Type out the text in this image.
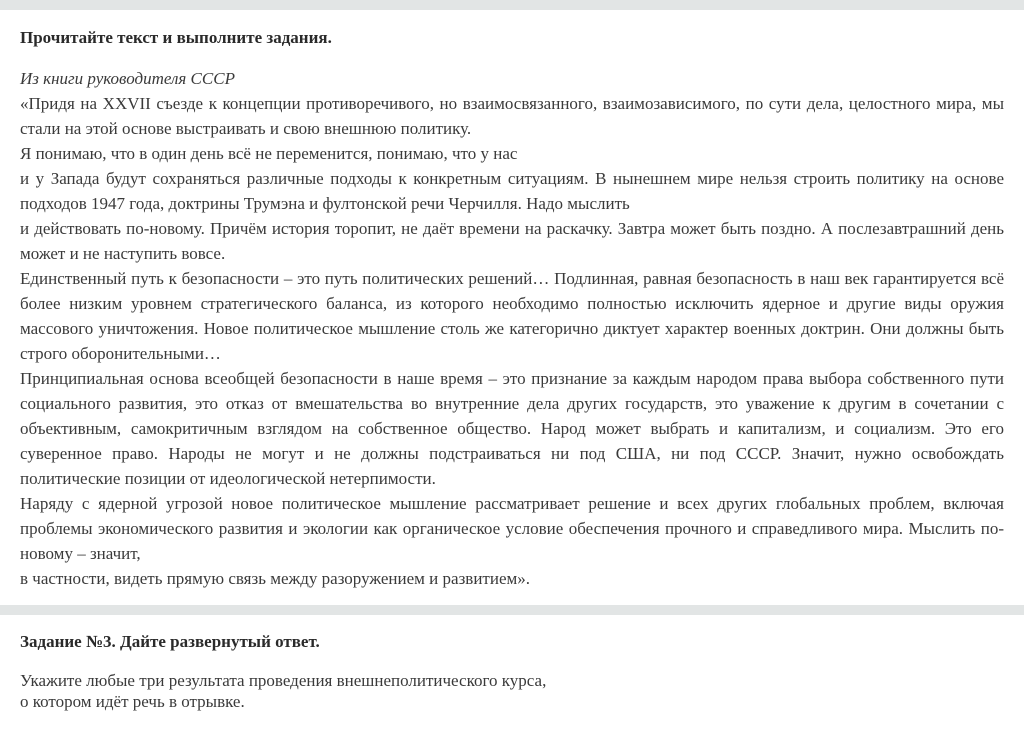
Прочитайте текст и выполните задания.

Из книги руководителя СССР

«Придя на XXVII съезде к концепции противоречивого, но взаимосвязанного, взаимозависимого, по сути дела, целостного мира, мы стали на этой основе выстраивать и свою внешнюю политику.

Я понимаю, что в один день всё не переменится, понимаю, что у нас

и у Запада будут сохраняться различные подходы к конкретным ситуациям. В нынешнем мире нельзя строить политику на основе подходов 1947 года, доктрины Трумэна и фултонской речи Черчилля. Надо мыслить

и действовать по-новому. Причём история торопит, не даёт времени на раскачку. Завтра может быть поздно. А послезавтрашний день может и не наступить вовсе.

Единственный путь к безопасности – это путь политических решений… Подлинная, равная безопасность в наш век гарантируется всё более низким уровнем стратегического баланса, из которого необходимо полностью исключить ядерное и другие виды оружия массового уничтожения. Новое политическое мышление столь же категорично диктует характер военных доктрин. Они должны быть строго оборонительными…

Принципиальная основа всеобщей безопасности в наше время – это признание за каждым народом права выбора собственного пути социального развития, это отказ от вмешательства во внутренние дела других государств, это уважение к другим в сочетании с объективным, самокритичным взглядом на собственное общество. Народ может выбрать и капитализм, и социализм. Это его суверенное право. Народы не могут и не должны подстраиваться ни под США, ни под СССР. Значит, нужно освобождать политические позиции от идеологической нетерпимости.

Наряду с ядерной угрозой новое политическое мышление рассматривает решение и всех других глобальных проблем, включая проблемы экономического развития и экологии как органическое условие обеспечения прочного и справедливого мира. Мыслить по-новому – значит,

в частности, видеть прямую связь между разоружением и развитием».

Задание №3. Дайте развернутый ответ.

Укажите любые три результата проведения внешнеполитического курса,
о котором идёт речь в отрывке.
